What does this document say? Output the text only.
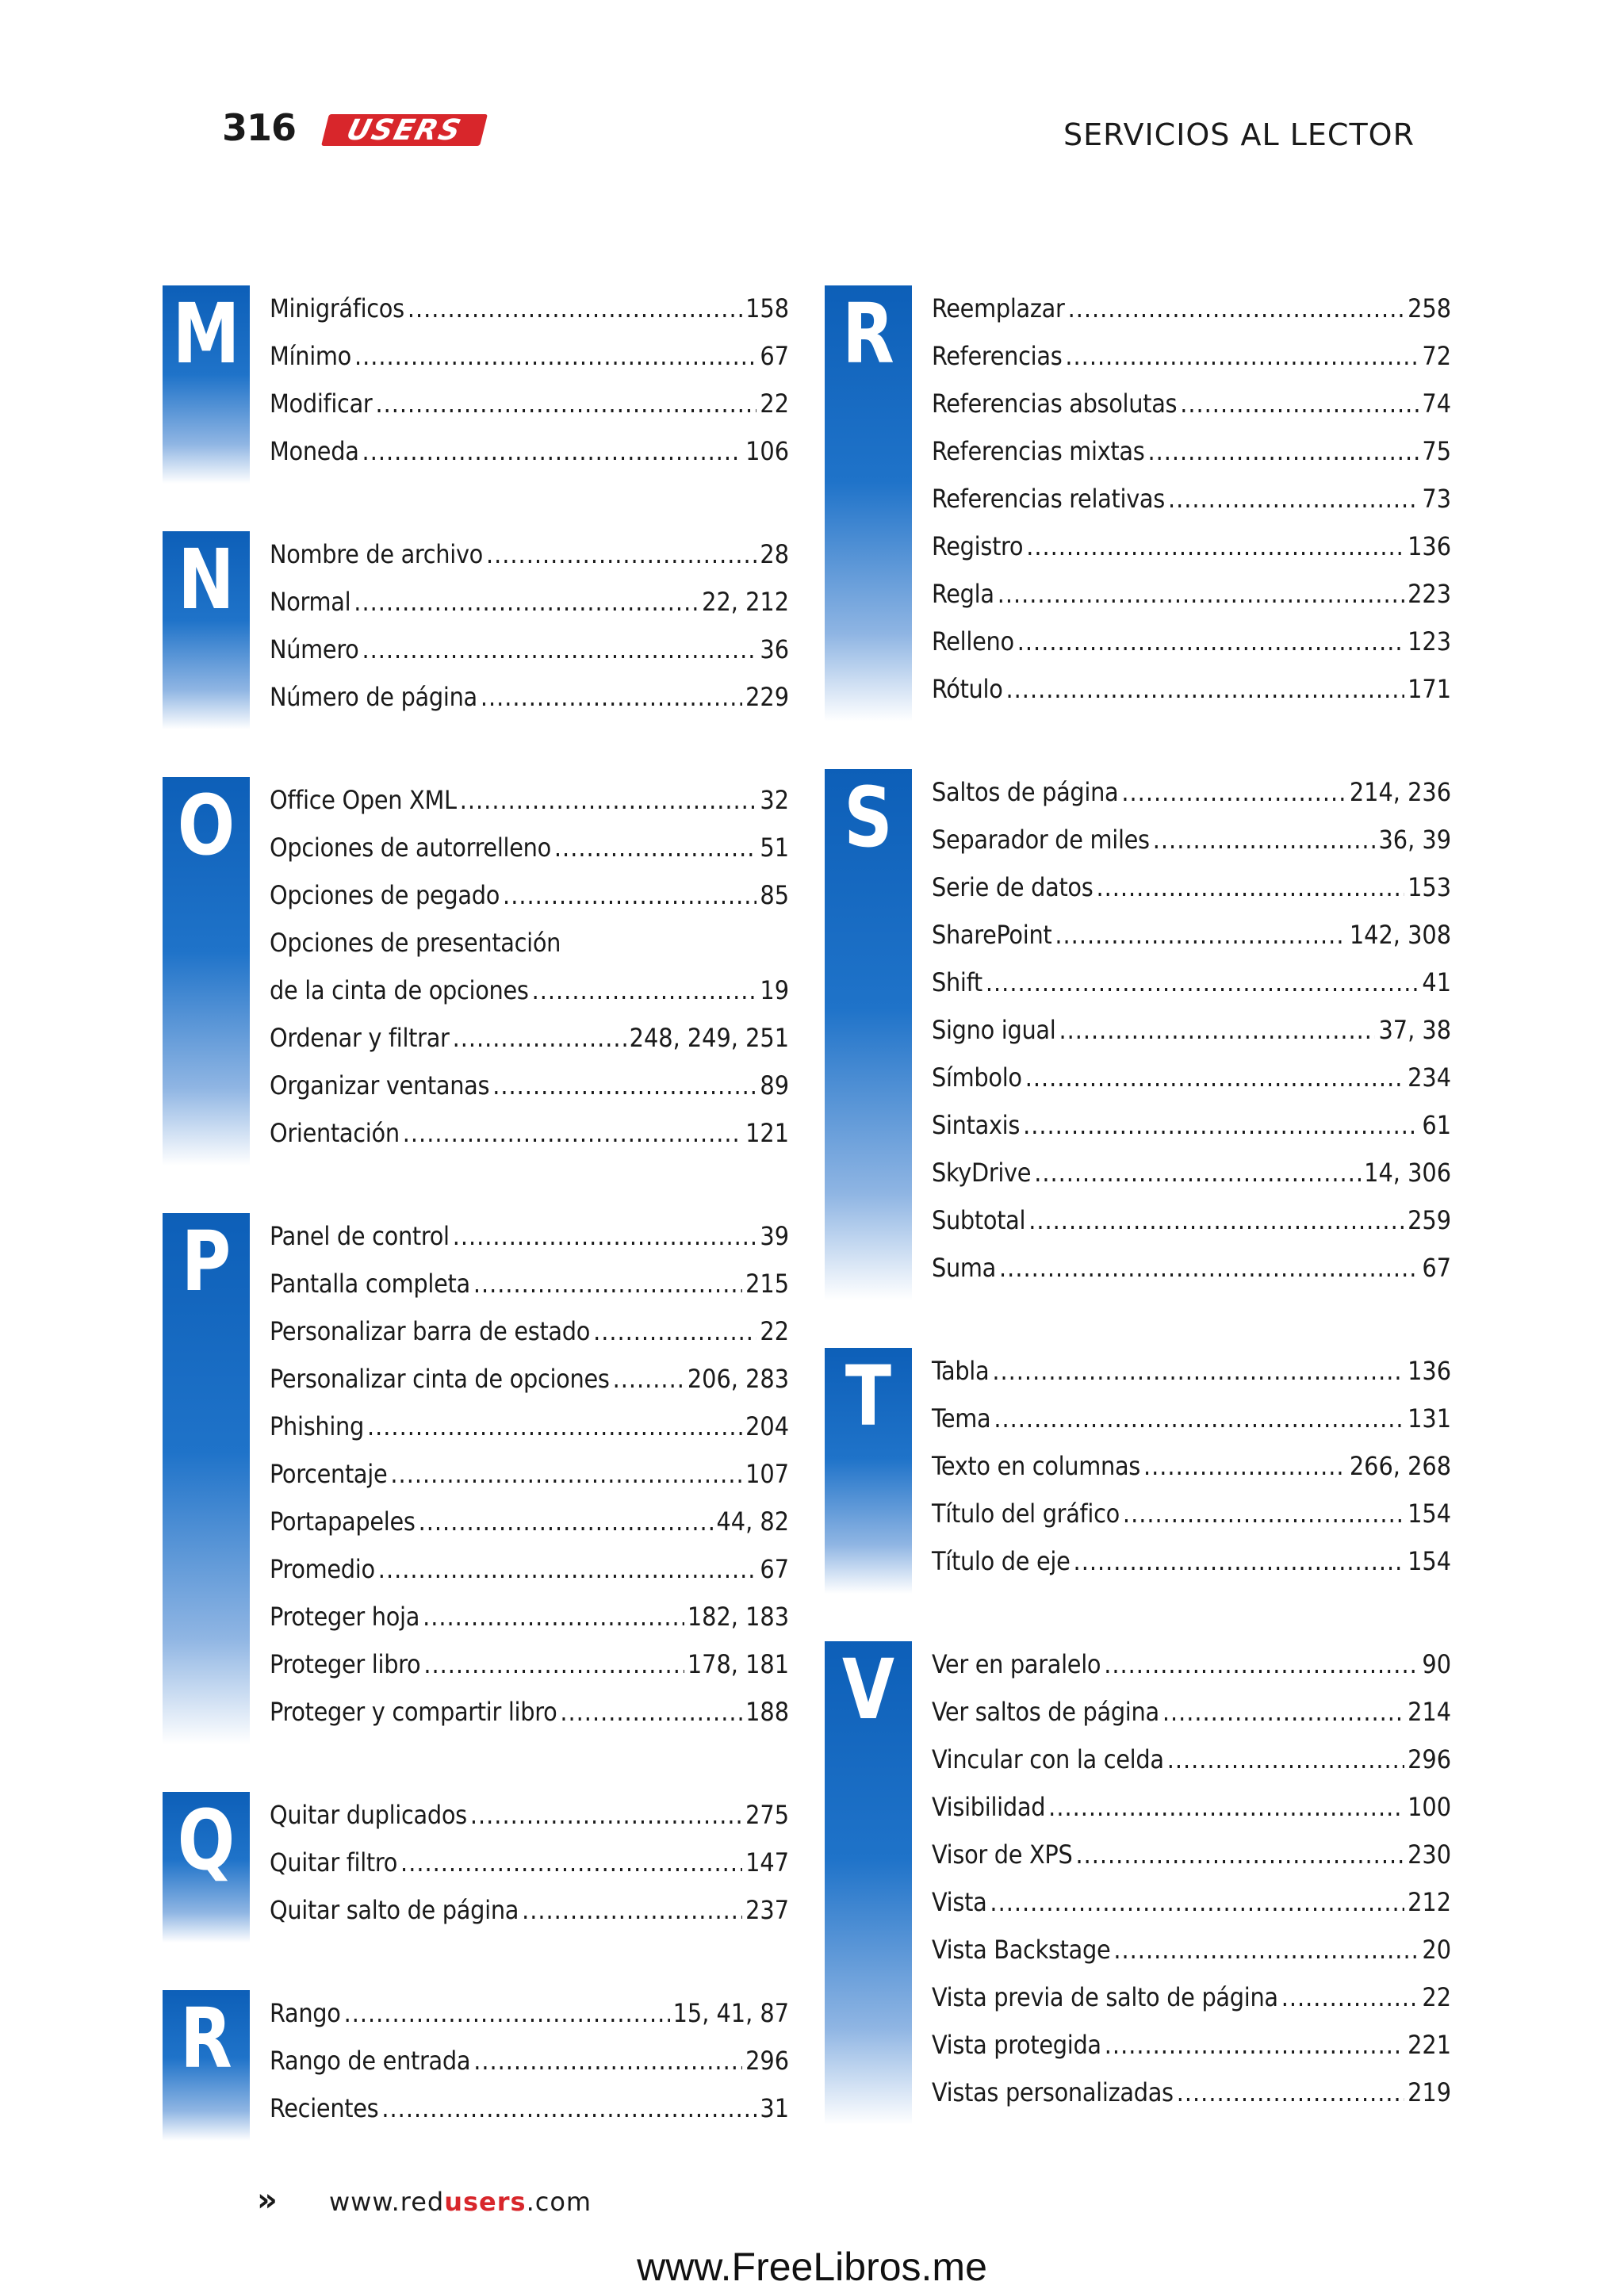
316 USERS	SERVICIOS AL LECTOR
M Minigráficos .....	158
Mínimo .....	67
Modificar .....	22
Moneda .....	106
N Nombre de archivo .....	28
Normal .....	22, 212
Número .....	36
Número de página .....	229
O Office Open XML .....	32
Opciones de autorrelleno .....	51
Opciones de pegado .....	85
Opciones de presentación
de la cinta de opciones .....	19
Ordenar y filtrar .....	248, 249, 251
Organizar ventanas .....	89
Orientación .....	121
P	Panel de control .....	39
Pantalla completa .....	215
Personalizar barra de estado .....	22
Personalizar cinta de opciones .....	206, 283
Phishing .....	204
Porcentaje .....	107
Portapapeles .....	44, 82
Promedio .....	67
Proteger hoja .....	182, 183
Proteger libro .....	178, 181
Proteger y compartir libro .....	188
Q Quitar duplicados .....	275
Quitar filtro .....	147
Quitar salto de página .....	237
R	Rango .....	15, 41, 87
Rango de entrada .....	296
Recientes .....	31
R	Reemplazar .....	258
Referencias .....	72
Referencias absolutas .....	74
Referencias mixtas .....	75
Referencias relativas .....	73
Registro .....	136
Regla .....	223
Relleno .....	123
Rótulo .....	171
S	Saltos de página .....	214, 236
Separador de miles .....	36, 39
Serie de datos .....	153
SharePoint .....	142, 308
Shift .....	41
Signo igual .....	37, 38
Símbolo .....	234
Sintaxis .....	61
SkyDrive .....	14, 306
Subtotal .....	259
Suma .....	67
T	Tabla .....	136
Tema .....	131
Texto en columnas .....	266, 268
Título del gráfico .....	154
Título de eje .....	154
V	Ver en paralelo .....	90
Ver saltos de página .....	214
Vincular con la celda .....	296
Visibilidad .....	100
Visor de XPS .....	230
Vista .....	212
Vista Backstage .....	20
Vista previa de salto de página .....	22
Vista protegida .....	221
Vistas personalizadas .....	219
» www.redusers.com
www.FreeLibros.me
